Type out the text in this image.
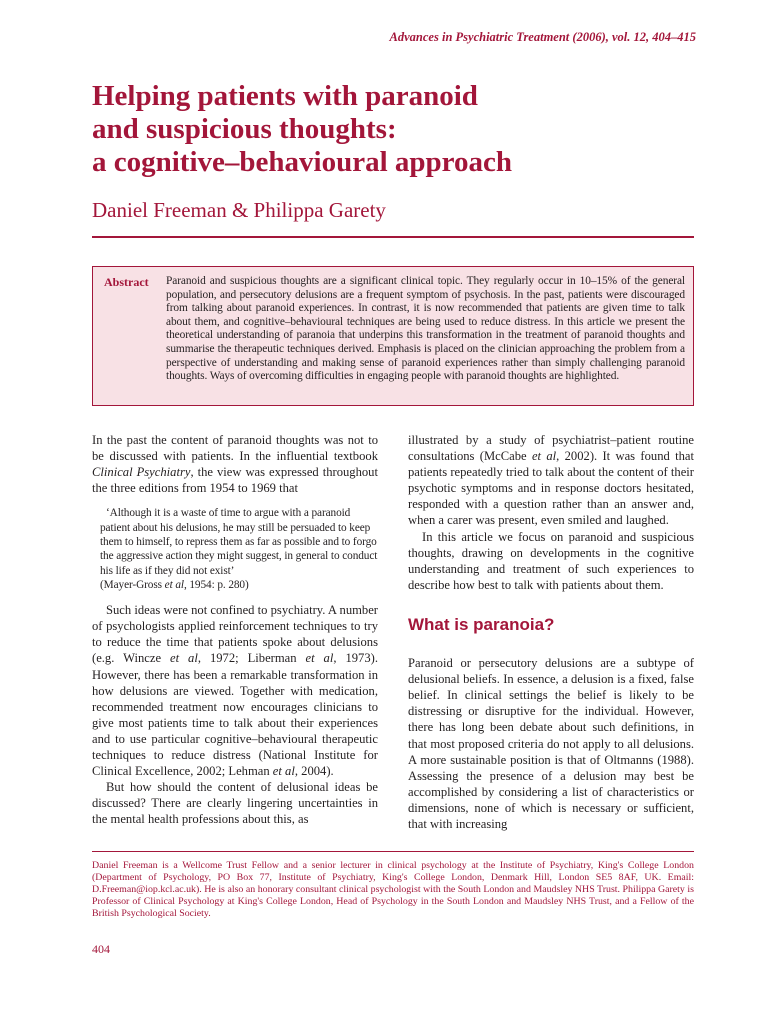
Advances in Psychiatric Treatment (2006), vol. 12, 404–415
Helping patients with paranoid
and suspicious thoughts:
a cognitive–behavioural approach
Daniel Freeman & Philippa Garety
Abstract Paranoid and suspicious thoughts are a significant clinical topic. They regularly occur in 10–15% of the general population, and persecutory delusions are a frequent symptom of psychosis. In the past, patients were discouraged from talking about paranoid experiences. In contrast, it is now recommended that patients are given time to talk about them, and cognitive–behavioural techniques are being used to reduce distress. In this article we present the theoretical understanding of paranoia that underpins this transformation in the treatment of paranoid thoughts and summarise the therapeutic techniques derived. Emphasis is placed on the clinician approaching the problem from a perspective of understanding and making sense of paranoid experiences rather than simply challenging paranoid thoughts. Ways of overcoming difficulties in engaging people with paranoid thoughts are highlighted.

In the past the content of paranoid thoughts was not to be discussed with patients. In the influential textbook Clinical Psychiatry, the view was expressed throughout the three editions from 1954 to 1969 that

‘Although it is a waste of time to argue with a paranoid patient about his delusions, he may still be persuaded to keep them to himself, to repress them as far as possible and to forgo the aggressive action they might suggest, in general to conduct his life as if they did not exist’
(Mayer-Gross et al, 1954: p. 280)

Such ideas were not confined to psychiatry. A number of psychologists applied reinforcement techniques to try to reduce the time that patients spoke about delusions (e.g. Wincze et al, 1972; Liberman et al, 1973). However, there has been a remarkable transformation in how delusions are viewed. Together with medication, recommended treatment now encourages clinicians to give most patients time to talk about their experiences and to use particular cognitive–behavioural therapeutic techniques to reduce distress (National Institute for Clinical Excellence, 2002; Lehman et al, 2004).

But how should the content of delusional ideas be discussed? There are clearly lingering uncertainties in the mental health professions about this, as

illustrated by a study of psychiatrist–patient routine consultations (McCabe et al, 2002). It was found that patients repeatedly tried to talk about the content of their psychotic symptoms and in response doctors hesitated, responded with a question rather than an answer and, when a carer was present, even smiled and laughed.

In this article we focus on paranoid and suspicious thoughts, drawing on developments in the cognitive understanding and treatment of such experiences to describe how best to talk with patients about them.

What is paranoia?

Paranoid or persecutory delusions are a subtype of delusional beliefs. In essence, a delusion is a fixed, false belief. In clinical settings the belief is likely to be distressing or disruptive for the individual. However, there has long been debate about such definitions, in that most proposed criteria do not apply to all delusions. A more sustainable position is that of Oltmanns (1988). Assessing the presence of a delusion may best be accomplished by considering a list of characteristics or dimensions, none of which is necessary or sufficient, that with increasing

Daniel Freeman is a Wellcome Trust Fellow and a senior lecturer in clinical psychology at the Institute of Psychiatry, King's College London (Department of Psychology, PO Box 77, Institute of Psychiatry, King's College London, Denmark Hill, London SE5 8AF, UK. Email: D.Freeman@iop.kcl.ac.uk). He is also an honorary consultant clinical psychologist with the South London and Maudsley NHS Trust. Philippa Garety is Professor of Clinical Psychology at King's College London, Head of Psychology in the South London and Maudsley NHS Trust, and a Fellow of the British Psychological Society.

404
